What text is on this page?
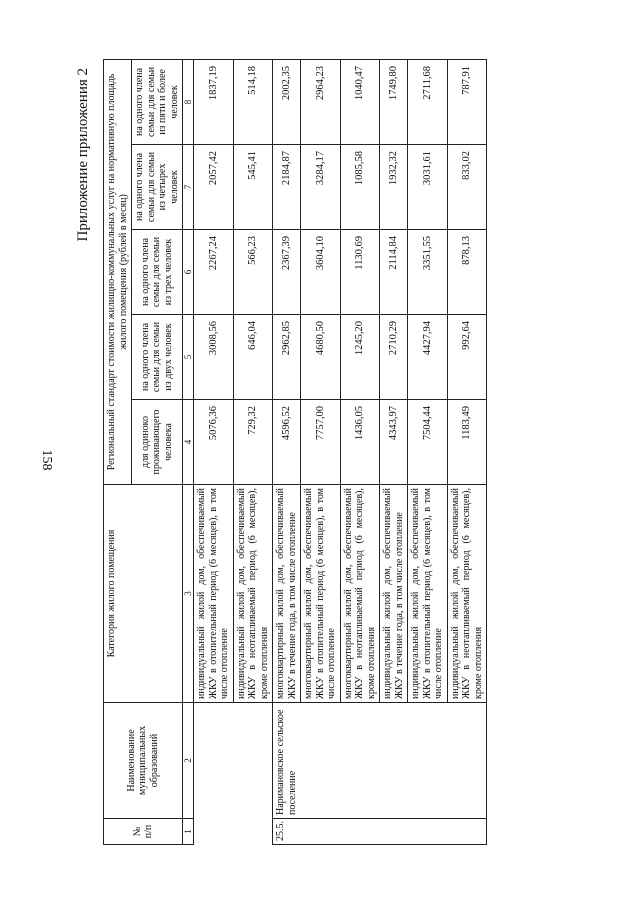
158
Приложение приложения 2
№ п/п	Наименование муниципальных образований	Категория жилого помещения	Региональный стандарт стоимости жилищно-коммунальных услуг на нормативную площадь жилого помещения (рублей в месяц)				
			для одиноко проживающего человека	на одного члена семьи для семьи из двух человек	на одного члена семьи для семьи из трех человек	на одного члена семьи для семьи из четырех человек	на одного члена семьи для семьи из пяти и более человек
1	2	3	4	5	6	7	8
		индивидуальный жилой дом, обеспечиваемый ЖКУ в отопительный период (6 месяцев), в том числе отопление	5076,36	3008,56	2267,24	2057,42	1837,19
		индивидуальный жилой дом, обеспечиваемый ЖКУ в неотапливаемый период (6 месяцев), кроме отопления	729,32	646,04	566,23	545,41	514,18
25.5.	Наримановское сельское поселение	многоквартирный жилой дом, обеспечиваемый ЖКУ в течение года, в том числе отопление	4596,52	2962,85	2367,39	2184,87	2002,35
		многоквартирный жилой дом, обеспечиваемый ЖКУ в отопительный период (6 месяцев), в том числе отопление	7757,00	4680,50	3604,10	3284,17	2964,23
		многоквартирный жилой дом, обеспечиваемый ЖКУ в неотапливаемый период (6 месяцев), кроме отопления	1436,05	1245,20	1130,69	1085,58	1040,47
		индивидуальный жилой дом, обеспечиваемый ЖКУ в течение года, в том числе отопление	4343,97	2710,29	2114,84	1932,32	1749,80
		индивидуальный жилой дом, обеспечиваемый ЖКУ в отопительный период (6 месяцев), в том числе отопление	7504,44	4427,94	3351,55	3031,61	2711,68
		индивидуальный жилой дом, обеспечиваемый ЖКУ в неотапливаемый период (6 месяцев), кроме отопления	1183,49	992,64	878,13	833,02	787,91
